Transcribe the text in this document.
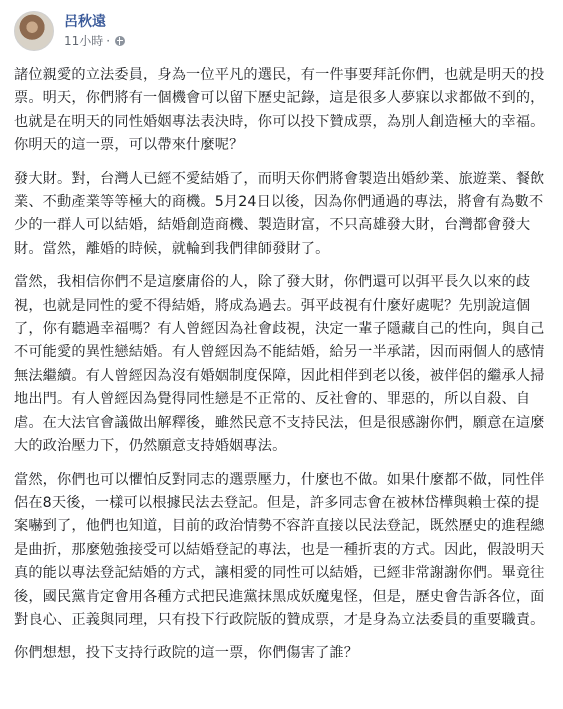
呂秋遠
11小時 ·

諸位親愛的立法委員，身為一位平凡的選民，有一件事要拜託你們，也就是明天的投票。明天，你們將有一個機會可以留下歷史記錄，這是很多人夢寐以求都做不到的，也就是在明天的同性婚姻專法表決時，你可以投下贊成票，為別人創造極大的幸福。你明天的這一票，可以帶來什麼呢？

發大財。對，台灣人已經不愛結婚了，而明天你們將會製造出婚紗業、旅遊業、餐飲業、不動產業等等極大的商機。5月24日以後，因為你們通過的專法，將會有為數不少的一群人可以結婚，結婚創造商機、製造財富，不只高雄發大財，台灣都會發大財。當然，離婚的時候，就輪到我們律師發財了。

當然，我相信你們不是這麼庸俗的人，除了發大財，你們還可以弭平長久以來的歧視，也就是同性的愛不得結婚，將成為過去。弭平歧視有什麼好處呢？先別說這個了，你有聽過幸福嗎？有人曾經因為社會歧視，決定一輩子隱藏自己的性向，與自己不可能愛的異性戀結婚。有人曾經因為不能結婚，給另一半承諾，因而兩個人的感情無法繼續。有人曾經因為沒有婚姻制度保障，因此相伴到老以後，被伴侶的繼承人掃地出門。有人曾經因為覺得同性戀是不正常的、反社會的、罪惡的，所以自殺、自虐。在大法官會議做出解釋後，雖然民意不支持民法，但是很感謝你們，願意在這麼大的政治壓力下，仍然願意支持婚姻專法。

當然，你們也可以懼怕反對同志的選票壓力，什麼也不做。如果什麼都不做，同性伴侶在8天後，一樣可以根據民法去登記。但是，許多同志會在被林岱樺與賴士葆的提案嚇到了，他們也知道，目前的政治情勢不容許直接以民法登記，既然歷史的進程總是曲折，那麼勉強接受可以結婚登記的專法，也是一種折衷的方式。因此，假設明天真的能以專法登記結婚的方式，讓相愛的同性可以結婚，已經非常謝謝你們。畢竟往後，國民黨肯定會用各種方式把民進黨抹黑成妖魔鬼怪，但是，歷史會告訴各位，面對良心、正義與同理，只有投下行政院版的贊成票，才是身為立法委員的重要職責。

你們想想，投下支持行政院的這一票，你們傷害了誰？
